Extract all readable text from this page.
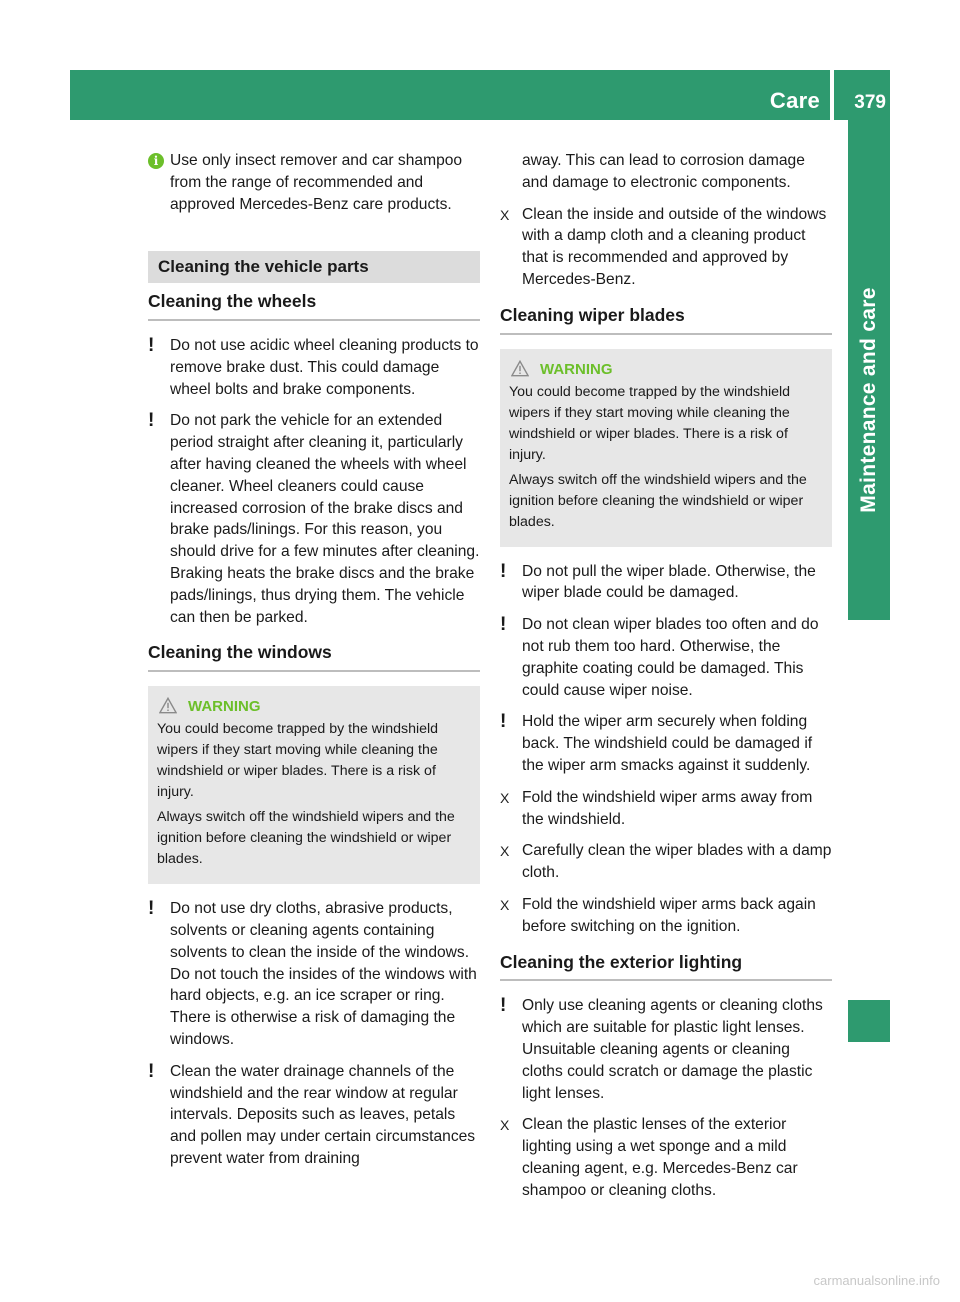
Care 379
Maintenance and care
i Use only insect remover and car shampoo from the range of recommended and approved Mercedes-Benz care products.
Cleaning the vehicle parts
Cleaning the wheels
!	Do not use acidic wheel cleaning products to remove brake dust. This could damage wheel bolts and brake components.
!	Do not park the vehicle for an extended period straight after cleaning it, particularly after having cleaned the wheels with wheel cleaner. Wheel cleaners could cause increased corrosion of the brake discs and brake pads/linings. For this reason, you should drive for a few minutes after cleaning. Braking heats the brake discs and the brake pads/linings, thus drying them. The vehicle can then be parked.
Cleaning the windows
WARNING

You could become trapped by the windshield wipers if they start moving while cleaning the windshield or wiper blades. There is a risk of injury.

Always switch off the windshield wipers and the ignition before cleaning the windshield or wiper blades.

!	Do not use dry cloths, abrasive products, solvents or cleaning agents containing solvents to clean the inside of the windows. Do not touch the insides of the windows with hard objects, e.g. an ice scraper or ring. There is otherwise a risk of damaging the windows.
!	Clean the water drainage channels of the windshield and the rear window at regular intervals. Deposits such as leaves, petals and pollen may under certain circumstances prevent water from draining
away. This can lead to corrosion damage and damage to electronic components.
X Clean the inside and outside of the windows with a damp cloth and a cleaning product that is recommended and approved by Mercedes-Benz.
Cleaning wiper blades
WARNING

You could become trapped by the windshield wipers if they start moving while cleaning the windshield or wiper blades. There is a risk of injury.

Always switch off the windshield wipers and the ignition before cleaning the windshield or wiper blades.

!	Do not pull the wiper blade. Otherwise, the wiper blade could be damaged.
!	Do not clean wiper blades too often and do not rub them too hard. Otherwise, the graphite coating could be damaged. This could cause wiper noise.
!	Hold the wiper arm securely when folding back. The windshield could be damaged if the wiper arm smacks against it suddenly.
X Fold the windshield wiper arms away from the windshield.
X Carefully clean the wiper blades with a damp cloth.
X Fold the windshield wiper arms back again before switching on the ignition.
Cleaning the exterior lighting
!	Only use cleaning agents or cleaning cloths which are suitable for plastic light lenses. Unsuitable cleaning agents or cleaning cloths could scratch or damage the plastic light lenses.
X Clean the plastic lenses of the exterior lighting using a wet sponge and a mild cleaning agent, e.g. Mercedes-Benz car shampoo or cleaning cloths.
carmanualsonline.info
